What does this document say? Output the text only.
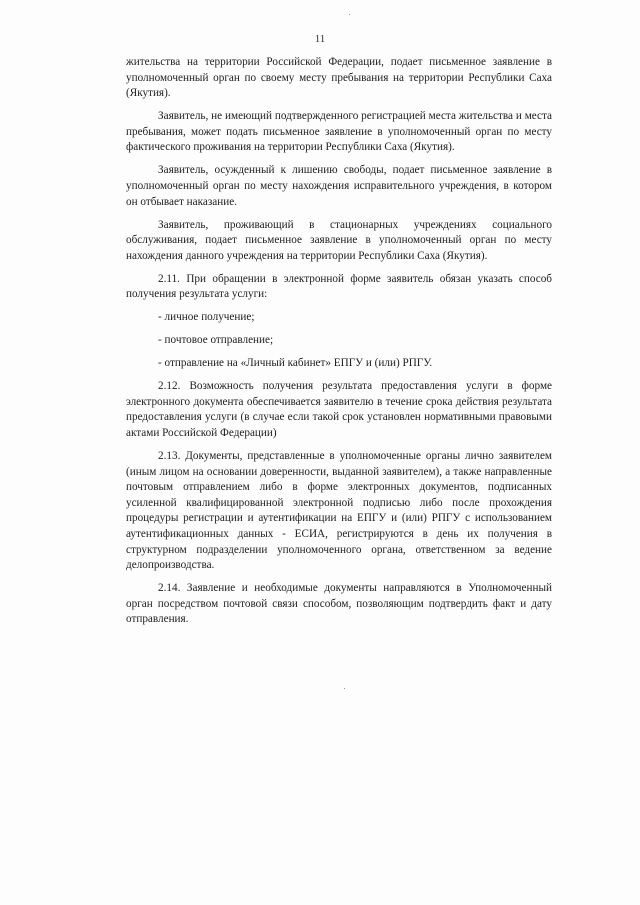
11

жительства на территории Российской Федерации, подает письменное заявление в уполномоченный орган по своему месту пребывания на территории Республики Саха (Якутия).

Заявитель, не имеющий подтвержденного регистрацией места жительства и места пребывания, может подать письменное заявление в уполномоченный орган по месту фактического проживания на территории Республики Саха (Якутия).

Заявитель, осужденный к лишению свободы, подает письменное заявление в уполномоченный орган по месту нахождения исправительного учреждения, в котором он отбывает наказание.

Заявитель, проживающий в стационарных учреждениях социального обслуживания, подает письменное заявление в уполномоченный орган по месту нахождения данного учреждения на территории Республики Саха (Якутия).

2.11. При обращении в электронной форме заявитель обязан указать способ получения результата услуги:

- личное получение;

- почтовое отправление;

- отправление на «Личный кабинет» ЕПГУ и (или) РПГУ.

2.12. Возможность получения результата предоставления услуги в форме электронного документа обеспечивается заявителю в течение срока действия результата предоставления услуги (в случае если такой срок установлен нормативными правовыми актами Российской Федерации)

2.13. Документы, представленные в уполномоченные органы лично заявителем (иным лицом на основании доверенности, выданной заявителем), а также направленные почтовым отправлением либо в форме электронных документов, подписанных усиленной квалифицированной электронной подписью либо после прохождения процедуры регистрации и аутентификации на ЕПГУ и (или) РПГУ с использованием аутентификационных данных - ЕСИА, регистрируются в день их получения в структурном подразделении уполномоченного органа, ответственном за ведение делопроизводства.

2.14. Заявление и необходимые документы направляются в Уполномоченный орган посредством почтовой связи способом, позволяющим подтвердить факт и дату отправления.
